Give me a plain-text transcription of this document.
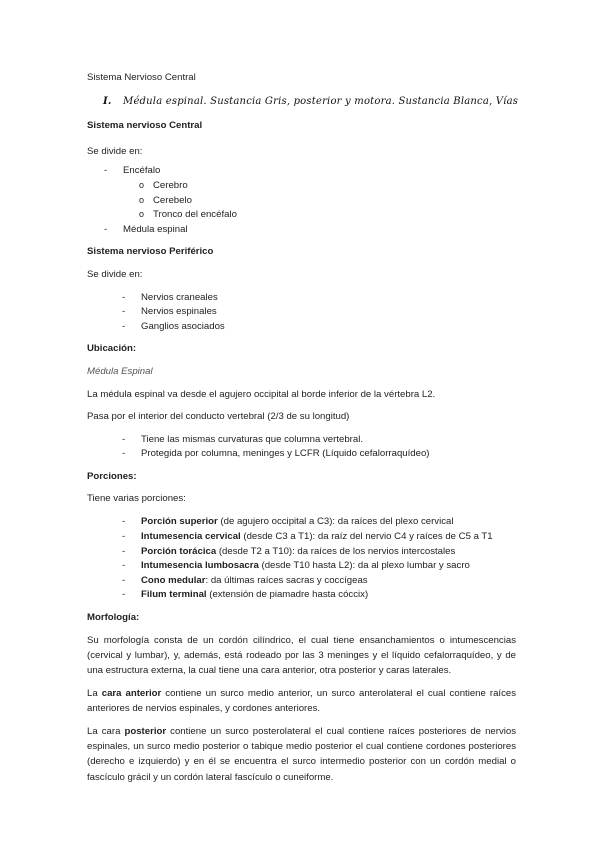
Sistema Nervioso Central
I. Médula espinal. Sustancia Gris, posterior y motora. Sustancia Blanca, Vías
Sistema nervioso Central
Se divide en:
- Encéfalo
o Cerebro
o Cerebelo
o Tronco del encéfalo
- Médula espinal
Sistema nervioso Periférico
Se divide en:
- Nervios craneales
- Nervios espinales
- Ganglios asociados
Ubicación:
Médula Espinal
La médula espinal va desde el agujero occipital al borde inferior de la vértebra L2.
Pasa por el interior del conducto vertebral (2/3 de su longitud)
- Tiene las mismas curvaturas que columna vertebral.
- Protegida por columna, meninges y LCFR (Líquido cefalorraquídeo)
Porciones:
Tiene varias porciones:
- Porción superior (de agujero occipital a C3): da raíces del plexo cervical
- Intumesencia cervical (desde C3 a T1): da raíz del nervio C4 y raíces de C5 a T1
- Porción torácica (desde T2 a T10): da raíces de los nervios intercostales
- Intumesencia lumbosacra (desde T10 hasta L2): da al plexo lumbar y sacro
- Cono medular: da últimas raíces sacras y coccígeas
- Filum terminal (extensión de piamadre hasta cóccix)
Morfología:
Su morfología consta de un cordón cilíndrico, el cual tiene ensanchamientos o intumescencias (cervical y lumbar), y, además, está rodeado por las 3 meninges y el líquido cefalorraquídeo, y de una estructura externa, la cual tiene una cara anterior, otra posterior y caras laterales.
La cara anterior contiene un surco medio anterior, un surco anterolateral el cual contiene raíces anteriores de nervios espinales, y cordones anteriores.
La cara posterior contiene un surco posterolateral el cual contiene raíces posteriores de nervios espinales, un surco medio posterior o tabique medio posterior el cual contiene cordones posteriores (derecho e izquierdo) y en él se encuentra el surco intermedio posterior con un cordón medial o fascículo grácil y un cordón lateral fascículo o cuneiforme.
